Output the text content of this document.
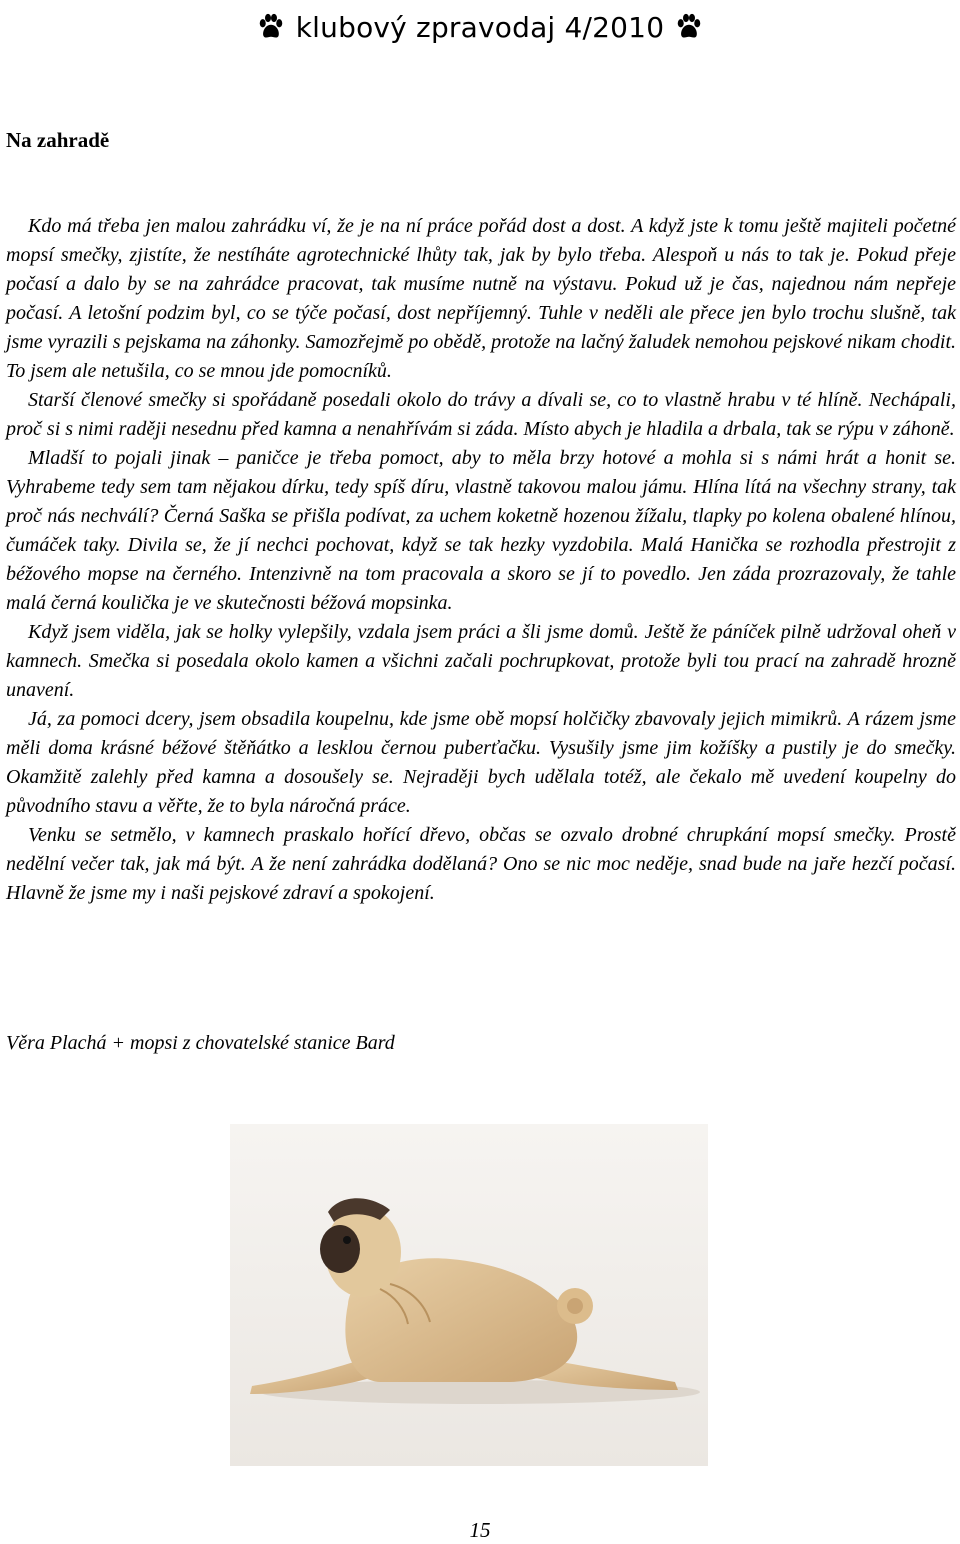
klubový zpravodaj 4/2010
Na zahradě

Kdo má třeba jen malou zahrádku ví, že je na ní práce pořád dost a dost. A když jste k tomu ještě majiteli početné mopsí smečky, zjistíte, že nestíháte agrotechnické lhůty tak, jak by bylo třeba. Alespoň u nás to tak je. Pokud přeje počasí a dalo by se na zahrádce pracovat, tak musíme nutně na výstavu. Pokud už je čas, najednou nám nepřeje počasí. A letošní podzim byl, co se týče počasí, dost nepříjemný. Tuhle v neděli ale přece jen bylo trochu slušně, tak jsme vyrazili s pejskama na záhonky. Samozřejmě po obědě, protože na lačný žaludek nemohou pejskové nikam chodit. To jsem ale netušila, co se mnou jde pomocníků.

Starší členové smečky si spořádaně posedali okolo do trávy a dívali se, co to vlastně hrabu v té hlíně. Nechápali, proč si s nimi raději nesednu před kamna a nenahřívám si záda. Místo abych je hladila a drbala, tak se rýpu v záhoně.

Mladší to pojali jinak – paničce je třeba pomoct, aby to měla brzy hotové a mohla si s námi hrát a honit se. Vyhrabeme tedy sem tam nějakou dírku, tedy spíš díru, vlastně takovou malou jámu. Hlína lítá na všechny strany, tak proč nás nechválí? Černá Saška se přišla podívat, za uchem koketně hozenou žížalu, tlapky po kolena obalené hlínou, čumáček taky. Divila se, že jí nechci pochovat, když se tak hezky vyzdobila. Malá Hanička se rozhodla přestrojit z béžového mopse na černého. Intenzivně na tom pracovala a skoro se jí to povedlo. Jen záda prozrazovaly, že tahle malá černá koulička je ve skutečnosti béžová mopsinka.

Když jsem viděla, jak se holky vylepšily, vzdala jsem práci a šli jsme domů. Ještě že páníček pilně udržoval oheň v kamnech. Smečka si posedala okolo kamen a všichni začali pochrupkovat, protože byli tou prací na zahradě hrozně unavení.

Já, za pomoci dcery, jsem obsadila koupelnu, kde jsme obě mopsí holčičky zbavovaly jejich mimikrů. A rázem jsme měli doma krásné béžové štěňátko a lesklou černou puberťačku. Vysušily jsme jim kožíšky a pustily je do smečky. Okamžitě zalehly před kamna a dosoušely se. Nejraději bych udělala totéž, ale čekalo mě uvedení koupelny do původního stavu a věřte, že to byla náročná práce.

Venku se setmělo, v kamnech praskalo hořící dřevo, občas se ozvalo drobné chrupkání mopsí smečky. Prostě nedělní večer tak, jak má být. A že není zahrádka dodělaná? Ono se nic moc neděje, snad bude na jaře hezčí počasí. Hlavně že jsme my i naši pejskové zdraví a spokojení.

Věra Plachá + mopsi z chovatelské stanice Bard

15
